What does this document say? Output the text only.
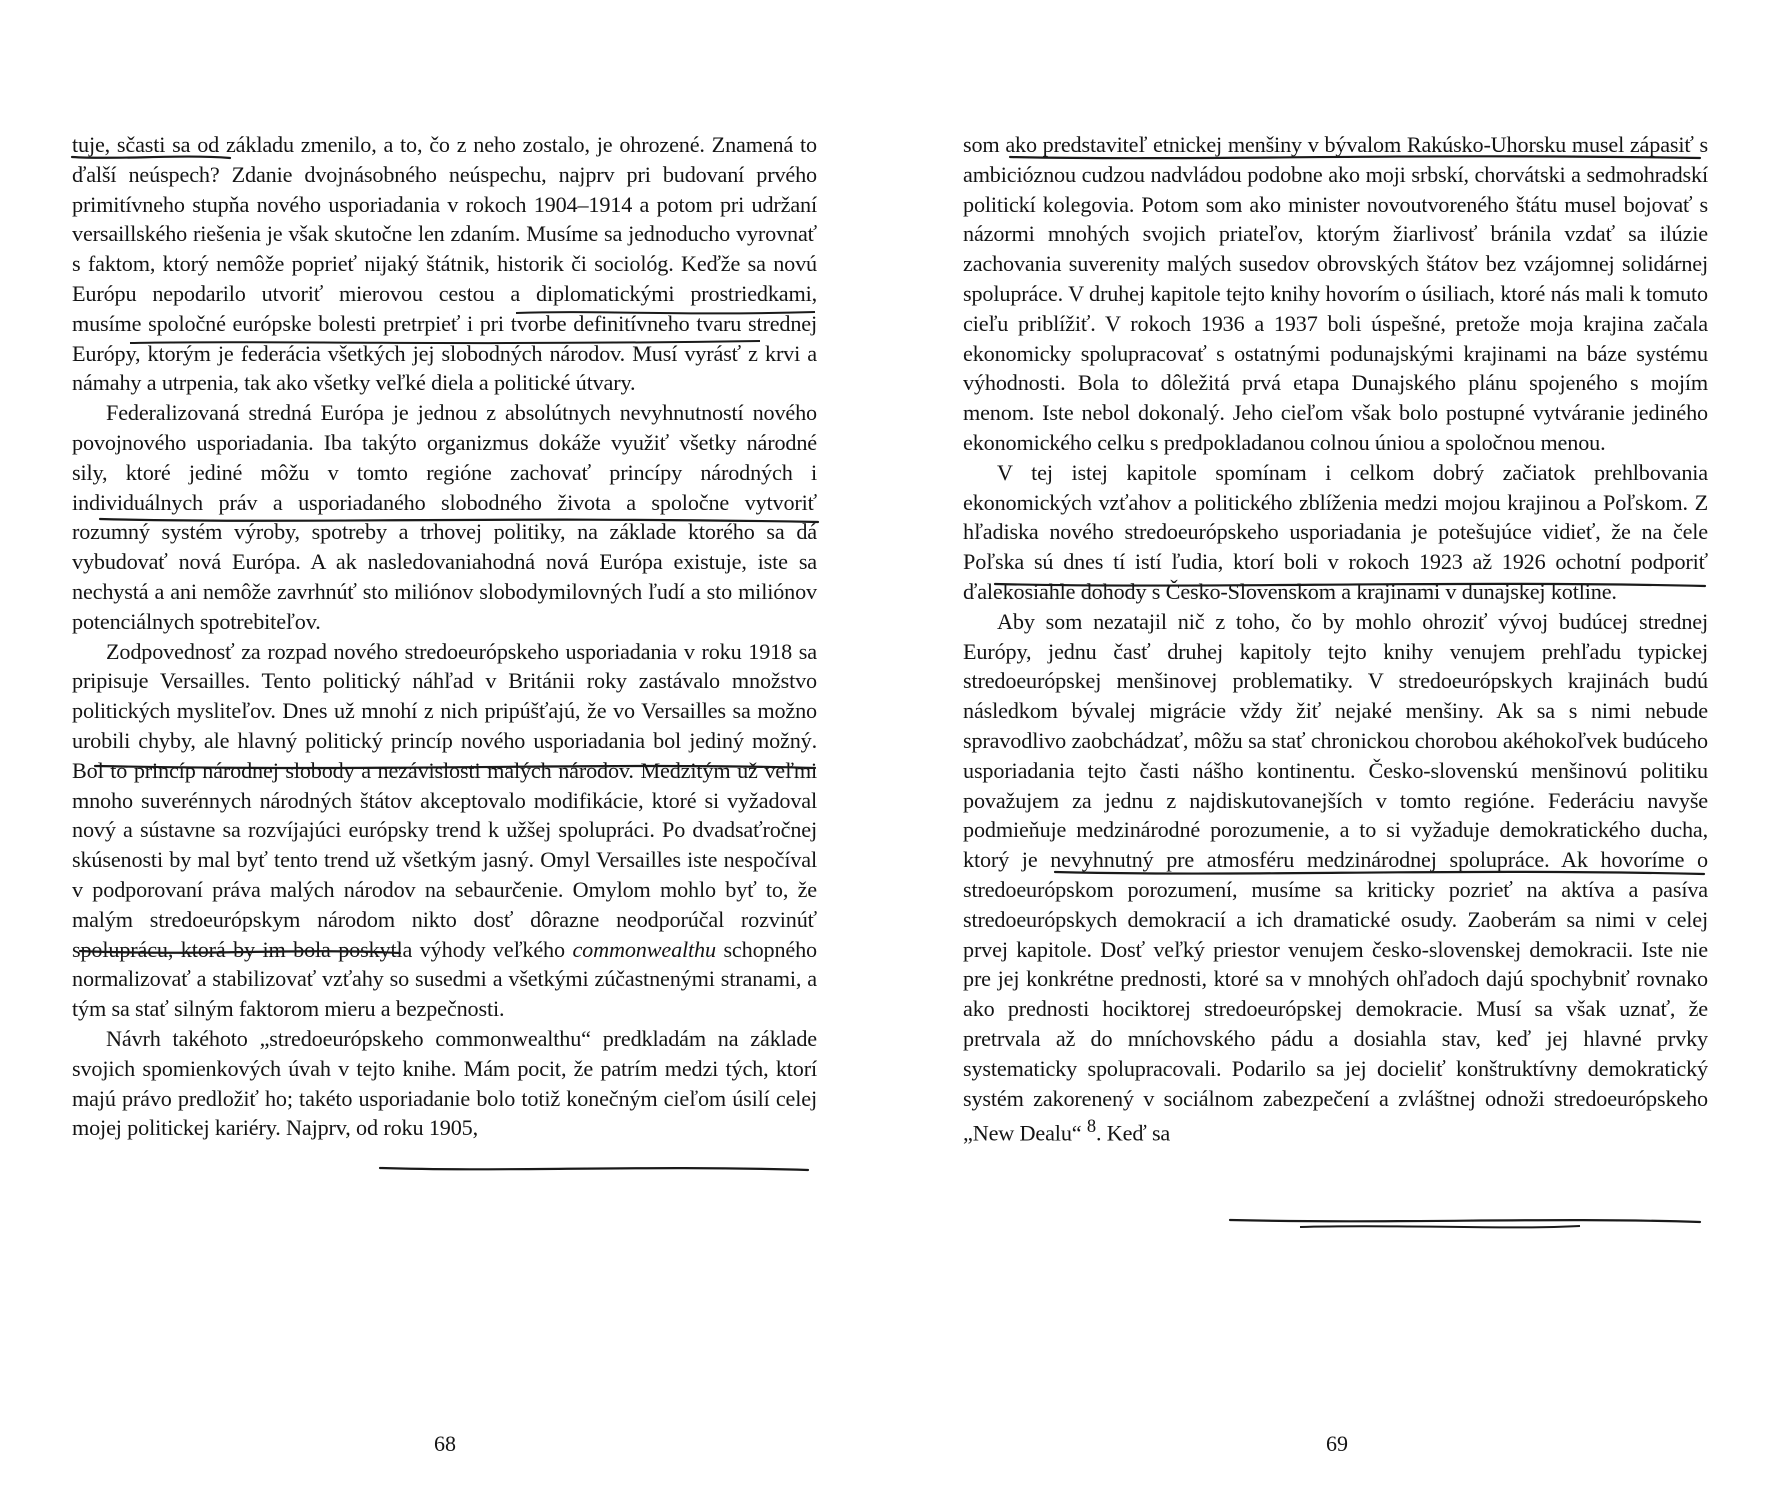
tuje, sčasti sa od základu zmenilo, a to, čo z neho zostalo, je ohrozené. Znamená to ďalší neúspech? Zdanie dvojnásobného neúspechu, najprv pri budovaní prvého primitívneho stupňa nového usporiadania v rokoch 1904–1914 a potom pri udržaní versaillského riešenia je však skutočne len zdaním. Musíme sa jednoducho vyrovnať s faktom, ktorý nemôže poprieť nijaký štátnik, historik či sociológ. Keďže sa novú Európu nepodarilo utvoriť mierovou cestou a diplomatickými prostriedkami, musíme spoločné európske bolesti pretrpieť i pri tvorbe definitívneho tvaru strednej Európy, ktorým je federácia všetkých jej slobodných národov. Musí vyrásť z krvi a námahy a utrpenia, tak ako všetky veľké diela a politické útvary.

Federalizovaná stredná Európa je jednou z absolútnych nevyhnutností nového povojnového usporiadania. Iba takýto organizmus dokáže využiť všetky národné sily, ktoré jediné môžu v tomto regióne zachovať princípy národných i individuálnych práv a usporiadaného slobodného života a spoločne vytvoriť rozumný systém výroby, spotreby a trhovej politiky, na základe ktorého sa dá vybudovať nová Európa. A ak nasledovaniahodná nová Európa existuje, iste sa nechystá a ani nemôže zavrhnúť sto miliónov slobodymilovných ľudí a sto miliónov potenciálnych spotrebiteľov.

Zodpovednosť za rozpad nového stredoeurópskeho usporiadania v roku 1918 sa pripisuje Versailles. Tento politický náhľad v Británii roky zastávalo množstvo politických mysliteľov. Dnes už mnohí z nich pripúšťajú, že vo Versailles sa možno urobili chyby, ale hlavný politický princíp nového usporiadania bol jediný možný. Bol to princíp národnej slobody a nezávislosti malých národov. Medzitým už veľmi mnoho suverénnych národných štátov akceptovalo modifikácie, ktoré si vyžadoval nový a sústavne sa rozvíjajúci európsky trend k užšej spolupráci. Po dvadsaťročnej skúsenosti by mal byť tento trend už všetkým jasný. Omyl Versailles iste nespočíval v podporovaní práva malých národov na sebaurčenie. Omylom mohlo byť to, že malým stredoeurópskym národom nikto dosť dôrazne neodporúčal rozvinúť spoluprácu, ktorá by im bola poskytla výhody veľkého commonwealthu schopného normalizovať a stabilizovať vzťahy so susedmi a všetkými zúčastnenými stranami, a tým sa stať silným faktorom mieru a bezpečnosti.

Návrh takéhoto „stredoeurópskeho commonwealthu“ predkladám na základe svojich spomienkových úvah v tejto knihe. Mám pocit, že patrím medzi tých, ktorí majú právo predložiť ho; takéto usporiadanie bolo totiž konečným cieľom úsilí celej mojej politickej kariéry. Najprv, od roku 1905,

som ako predstaviteľ etnickej menšiny v bývalom Rakúsko-Uhorsku musel zápasiť s ambicióznou cudzou nadvládou podobne ako moji srbskí, chorvátski a sedmohradskí politickí kolegovia. Potom som ako minister novoutvoreného štátu musel bojovať s názormi mnohých svojich priateľov, ktorým žiarlivosť bránila vzdať sa ilúzie zachovania suverenity malých susedov obrovských štátov bez vzájomnej solidárnej spolupráce. V druhej kapitole tejto knihy hovorím o úsiliach, ktoré nás mali k tomuto cieľu priblížiť. V rokoch 1936 a 1937 boli úspešné, pretože moja krajina začala ekonomicky spolupracovať s ostatnými podunajskými krajinami na báze systému výhodnosti. Bola to dôležitá prvá etapa Dunajského plánu spojeného s mojím menom. Iste nebol dokonalý. Jeho cieľom však bolo postupné vytváranie jediného ekonomického celku s predpokladanou colnou úniou a spoločnou menou.

V tej istej kapitole spomínam i celkom dobrý začiatok prehlbovania ekonomických vzťahov a politického zblíženia medzi mojou krajinou a Poľskom. Z hľadiska nového stredoeurópskeho usporiadania je potešujúce vidieť, že na čele Poľska sú dnes tí istí ľudia, ktorí boli v rokoch 1923 až 1926 ochotní podporiť ďalekosiahle dohody s Česko-Slovenskom a krajinami v dunajskej kotline.

Aby som nezatajil nič z toho, čo by mohlo ohroziť vývoj budúcej strednej Európy, jednu časť druhej kapitoly tejto knihy venujem prehľadu typickej stredoeurópskej menšinovej problematiky. V stredoeurópskych krajinách budú následkom bývalej migrácie vždy žiť nejaké menšiny. Ak sa s nimi nebude spravodlivo zaobchádzať, môžu sa stať chronickou chorobou akéhokoľvek budúceho usporiadania tejto časti nášho kontinentu. Česko-slovenskú menšinovú politiku považujem za jednu z najdiskutovanejších v tomto regióne. Federáciu navyše podmieňuje medzinárodné porozumenie, a to si vyžaduje demokratického ducha, ktorý je nevyhnutný pre atmosféru medzinárodnej spolupráce. Ak hovoríme o stredoeurópskom porozumení, musíme sa kriticky pozrieť na aktíva a pasíva stredoeurópskych demokracií a ich dramatické osudy. Zaoberám sa nimi v celej prvej kapitole. Dosť veľký priestor venujem česko-slovenskej demokracii. Iste nie pre jej konkrétne prednosti, ktoré sa v mnohých ohľadoch dajú spochybniť rovnako ako prednosti hociktorej stredoeurópskej demokracie. Musí sa však uznať, že pretrvala až do mníchovského pádu a dosiahla stav, keď jej hlavné prvky systematicky spolupracovali. Podarilo sa jej docieliť konštruktívny demokratický systém zakorenený v sociálnom zabezpečení a zvláštnej odnoži stredoeurópskeho „New Dealu“ $^8$. Keď sa

68	69
